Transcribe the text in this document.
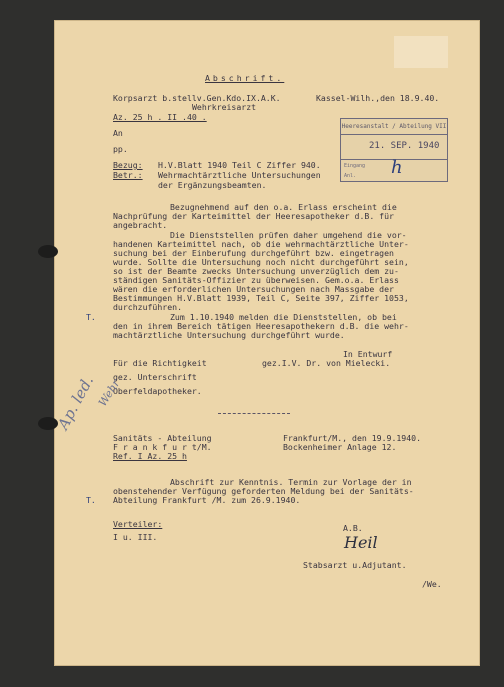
Abschrift.
Korpsarzt b.stellv.Gen.Kdo.IX.A.K.	Kassel-Wilh.,den 18.9.40.
Wehrkreisarzt
Az. 25 h . II .40 .
An
pp.
Heeresanstalt / Abteilung VII
21. SEP. 1940
Eingang
Anl. h
Bezug: H.V.Blatt 1940 Teil C Ziffer 940.
Betr.: Wehrmachtärztliche Untersuchungen
der Ergänzungsbeamten.
Bezugnehmend auf den o.a. Erlass erscheint die
Nachprüfung der Karteimittel der Heeresapotheker d.B. für
angebracht.
Die Dienststellen prüfen daher umgehend die vor-
handenen Karteimittel nach, ob die wehrmachtärztliche Unter-
suchung bei der Einberufung durchgeführt bzw. eingetragen
wurde. Sollte die Untersuchung noch nicht durchgeführt sein,
so ist der Beamte zwecks Untersuchung unverzüglich dem zu-
ständigen Sanitäts-Offizier zu überweisen. Gem.o.a. Erlass
wären die erforderlichen Untersuchungen nach Massgabe der
Bestimmungen H.V.Blatt 1939, Teil C, Seite 397, Ziffer 1053,
durchzuführen.
T.	Zum 1.10.1940 melden die Dienststellen, ob bei
den in ihrem Bereich tätigen Heeresapothekern d.B. die wehr-
machtärztliche Untersuchung durchgeführt wurde.
In Entwurf
Für die Richtigkeit	gez.I.V. Dr. von Mielecki.
gez. Unterschrift
Oberfeldapotheker.
Ap. led.
Wehr
Sanitäts - Abteilung	Frankfurt/M., den 19.9.1940.
F r a n k f u r t/M.	Bockenheimer Anlage 12.
Ref. I Az. 25 h
Abschrift zur Kenntnis. Termin zur Vorlage der in
obenstehender Verfügung geforderten Meldung bei der Sanitäts-
T. Abteilung Frankfurt /M. zum 26.9.1940.
Verteiler:	A.B.
I u. III.	Heil
Stabsarzt u.Adjutant.
/We.
